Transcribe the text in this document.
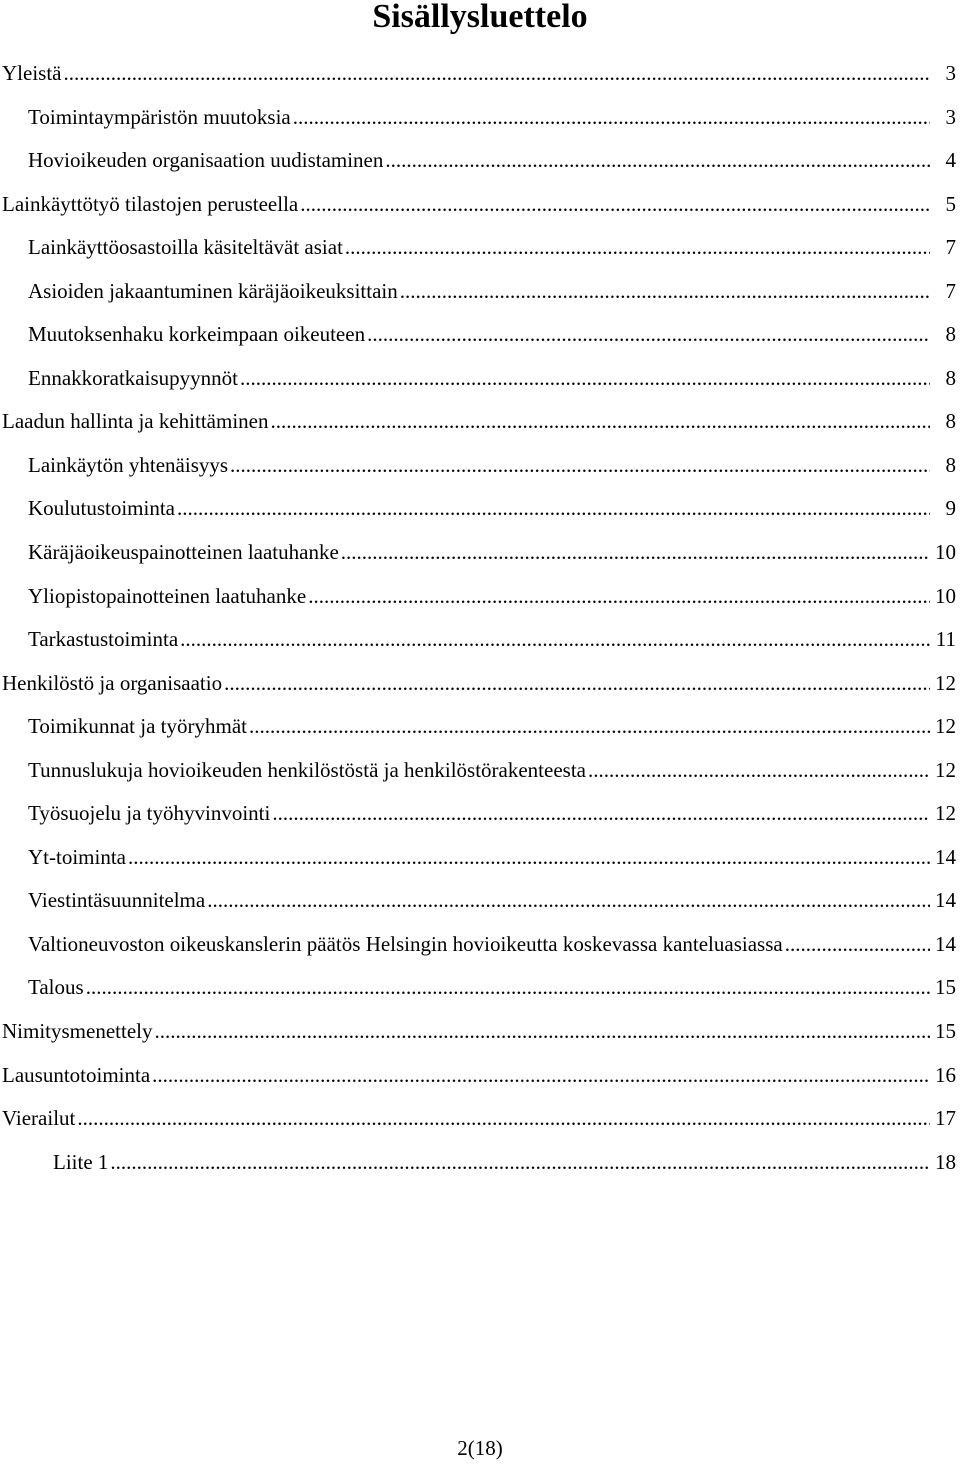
Sisällysluettelo
Yleistä .....	3
Toimintaympäristön muutoksia .....	3
Hovioikeuden organisaation uudistaminen .....	4
Lainkäyttötyö tilastojen perusteella .....	5
Lainkäyttöosastoilla käsiteltävät asiat .....	7
Asioiden jakaantuminen käräjäoikeuksittain .....	7
Muutoksenhaku korkeimpaan oikeuteen .....	8
Ennakkoratkaisupyynnöt .....	8
Laadun hallinta ja kehittäminen .....	8
Lainkäytön yhtenäisyys .....	8
Koulutustoiminta .....	9
Käräjäoikeuspainotteinen laatuhanke .....	10
Yliopistopainotteinen laatuhanke .....	10
Tarkastustoiminta .....	11
Henkilöstö ja organisaatio .....	12
Toimikunnat ja työryhmät .....	12
Tunnuslukuja hovioikeuden henkilöstöstä ja henkilöstörakenteesta .....	12
Työsuojelu ja työhyvinvointi .....	12
Yt-toiminta .....	14
Viestintäsuunnitelma .....	14
Valtioneuvoston oikeuskanslerin päätös Helsingin hovioikeutta koskevassa kanteluasiassa .....	14
Talous .....	15
Nimitysmenettely .....	15
Lausuntotoiminta .....	16
Vierailut .....	17
Liite 1 .....	18
2(18)
